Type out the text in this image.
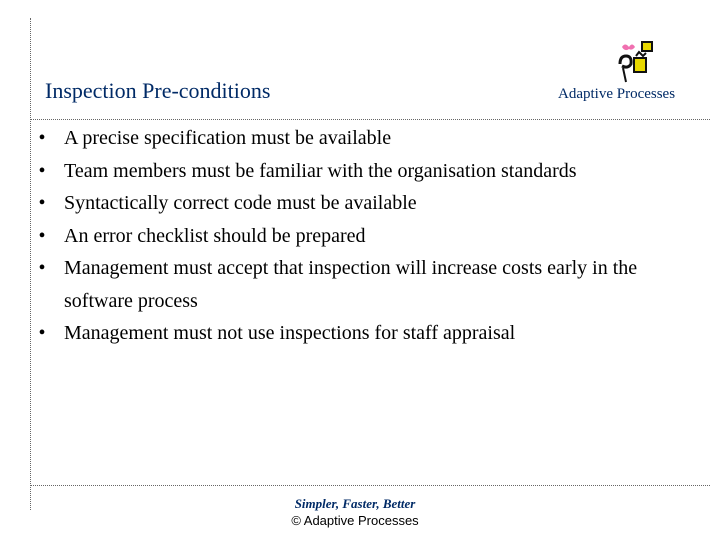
Inspection Pre-conditions	Adaptive Processes
• A precise specification must be available
• Team members must be familiar with the organisation standards
• Syntactically correct code must be available
• An error checklist should be prepared
• Management must accept that inspection will increase costs early in the software process
• Management must not use inspections for staff appraisal
Simpler, Faster, Better
© Adaptive Processes
